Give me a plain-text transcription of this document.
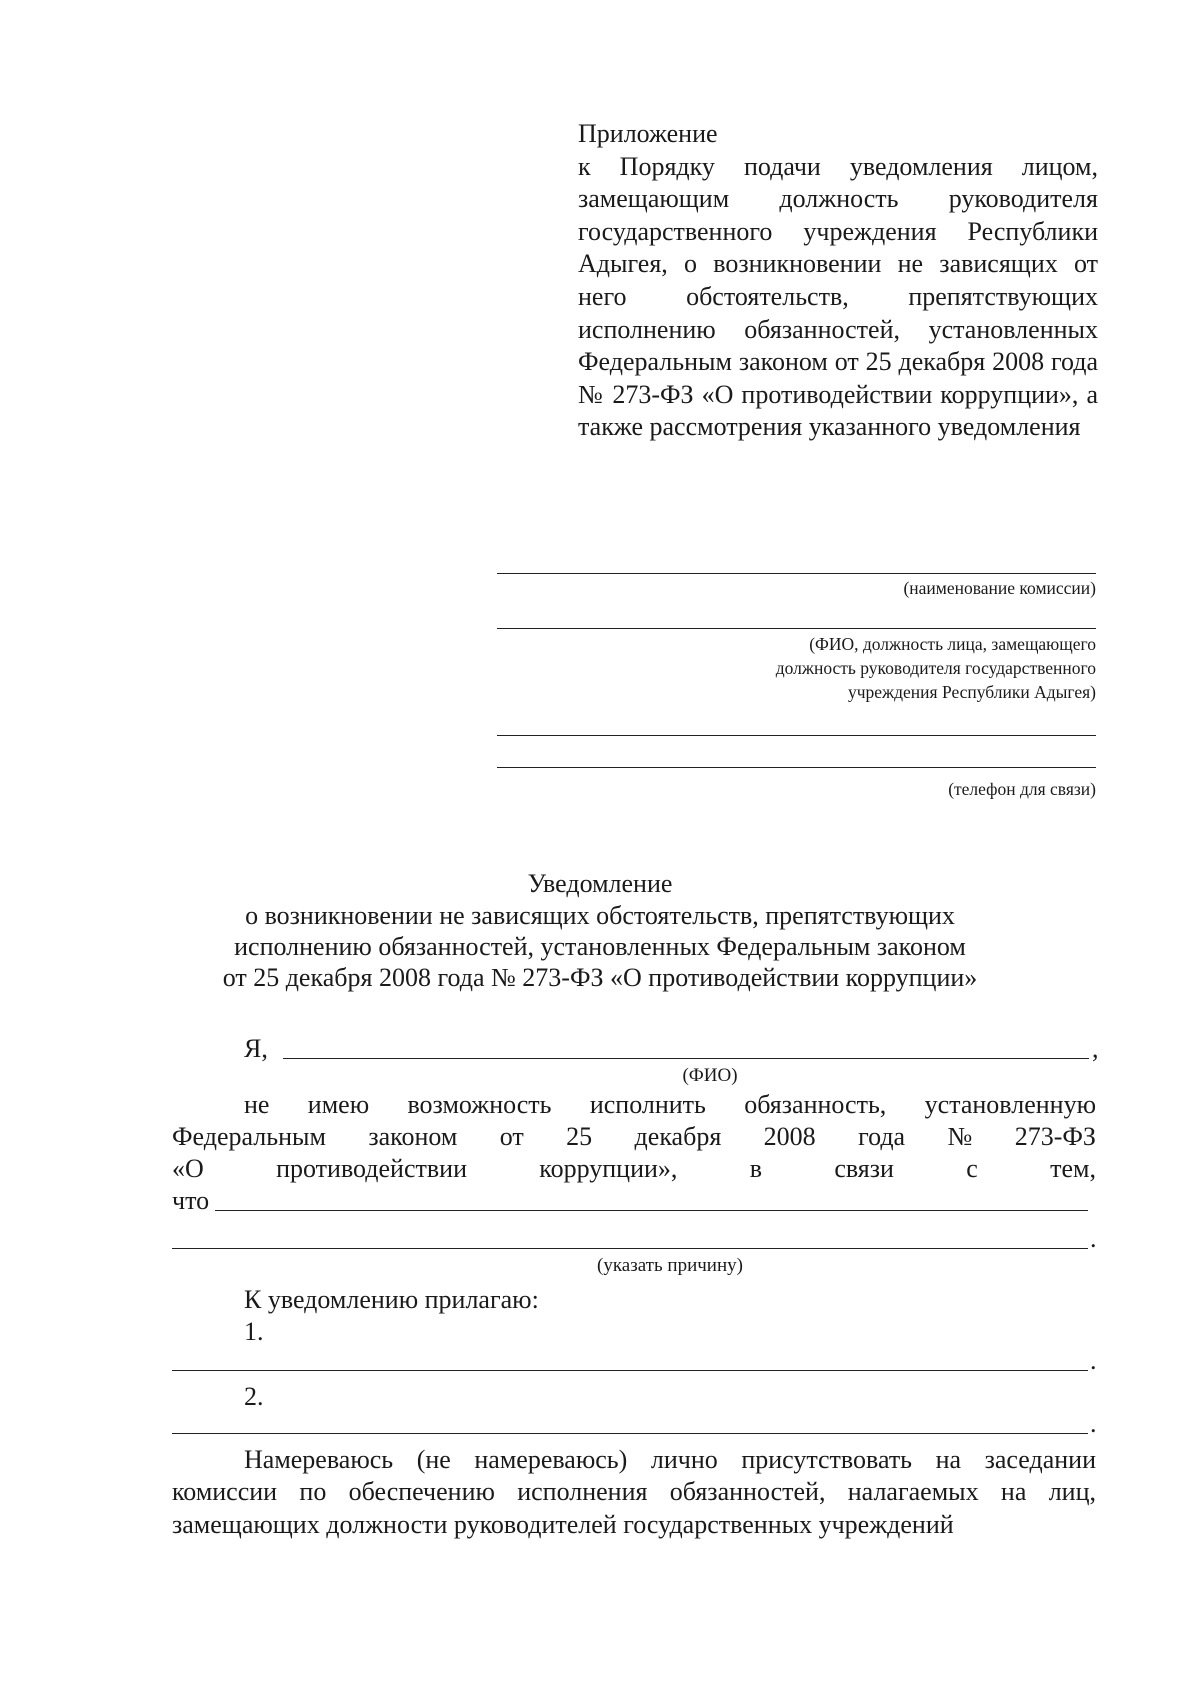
Приложение
к Порядку подачи уведомления лицом, замещающим должность руководителя государственного учреждения Республики Адыгея, о возникновении не зависящих от него обстоятельств, препятствующих исполнению обязанностей, установленных Федеральным законом от 25 декабря 2008 года № 273-ФЗ «О противодействии коррупции», а также рассмотрения указанного уведомления
(наименование комиссии)
(ФИО, должность лица, замещающего
должность руководителя государственного
учреждения Республики Адыгея)
(телефон для связи)
Уведомление
о возникновении не зависящих обстоятельств, препятствующих
исполнению обязанностей, установленных Федеральным законом
от 25 декабря 2008 года № 273-ФЗ «О противодействии коррупции»
Я,	,
(ФИО)
не имею возможность исполнить обязанность, установленную
Федеральным законом от 25 декабря 2008 года № 273-ФЗ
«О	противодействии	коррупции»,	в	связи	с	тем,
что
.
(указать причину)
К уведомлению прилагаю:
1.
.
2.
.
Намереваюсь (не намереваюсь) лично присутствовать на заседании комиссии по обеспечению исполнения обязанностей, налагаемых на лиц, замещающих должности руководителей государственных учреждений
